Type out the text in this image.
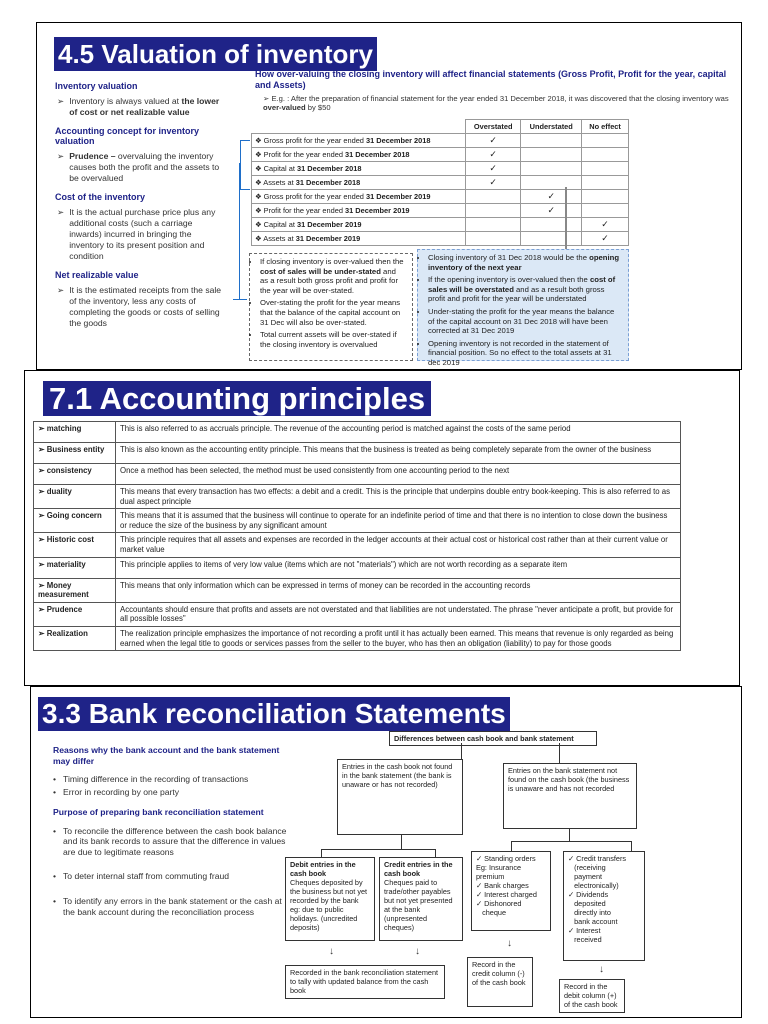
4.5 Valuation of inventory
Inventory valuation
➢ Inventory is always valued at the lower of cost or net realizable value
Accounting concept for inventory valuation
➢ Prudence – overvaluing the inventory causes both the profit and the assets to be overvalued
Cost of the inventory
➢ It is the actual purchase price plus any additional costs (such a carriage inwards) incurred in bringing the inventory to its present position and condition
Net realizable value
➢ It is the estimated receipts from the sale of the inventory, less any costs of completing the goods or costs of selling the goods
How over-valuing the closing inventory will affect financial statements (Gross Profit, Profit for the year, capital and Assets)
➢ E.g. : After the preparation of financial statement for the year ended 31 December 2018, it was discovered that the closing inventory was over-valued by $50
	Overstated	Understated	No effect
❖ Gross profit for the year ended 31 December 2018	✓		
❖ Profit for the year ended 31 December 2018	✓		
❖ Capital at 31 December 2018	✓		
❖ Assets at 31 December 2018	✓		
❖ Gross profit for the year ended 31 December 2019		✓	
❖ Profit for the year ended 31 December 2019		✓	
❖ Capital at 31 December 2019			✓
❖ Assets at 31 December 2019			✓
• If closing inventory is over-valued then the cost of sales will be under-stated and as a result both gross profit and profit for the year will be over-stated.
• Over-stating the profit for the year means that the balance of the capital account on 31 Dec will also be over-stated.
• Total current assets will be over-stated if the closing inventory is overvalued
• Closing inventory of 31 Dec 2018 would be the opening inventory of the next year
• If the opening inventory is over-valued then the cost of sales will be overstated and as a result both gross profit and profit for the year will be understated
• Under-stating the profit for the year means the balance of the capital account on 31 Dec 2018 will have been corrected at 31 Dec 2019
• Opening inventory is not recorded in the statement of financial position. So no effect to the total assets at 31 dec 2019
7.1 Accounting principles
➢ matching	This is also referred to as accruals principle. The revenue of the accounting period is matched against the costs of the same period
➢ Business entity	This is also known as the accounting entity principle. This means that the business is treated as being completely separate from the owner of the business
➢ consistency	Once a method has been selected, the method must be used consistently from one accounting period to the next
➢ duality	This means that every transaction has two effects: a debit and a credit. This is the principle that underpins double entry book-keeping. This is also referred to as dual aspect principle
➢ Going concern	This means that it is assumed that the business will continue to operate for an indefinite period of time and that there is no intention to close down the business or reduce the size of the business by any significant amount
➢ Historic cost	This principle requires that all assets and expenses are recorded in the ledger accounts at their actual cost or historical cost rather than at their current value or market value
➢ materiality	This principle applies to items of very low value (items which are not "materials") which are not worth recording as a separate item
➢ Money measurement	This means that only information which can be expressed in terms of money can be recorded in the accounting records
➢ Prudence	Accountants should ensure that profits and assets are not overstated and that liabilities are not understated. The phrase "never anticipate a profit, but provide for all possible losses"
➢ Realization	The realization principle emphasizes the importance of not recording a profit until it has actually been earned. This means that revenue is only regarded as being earned when the legal title to goods or services passes from the seller to the buyer, who has then an obligation (liability) to pay for those goods
3.3 Bank reconciliation Statements
Reasons why the bank account and the bank statement may differ
• Timing difference in the recording of transactions
• Error in recording by one party
Purpose of preparing bank reconciliation statement
• To reconcile the difference between the cash book balance and its bank records to assure that the difference in values are due to legitimate reasons
• To deter internal staff from commuting fraud
• To identify any errors in the bank statement or the cash at the bank account during the reconciliation process
Differences between cash book and bank statement
Entries in the cash book not found in the bank statement (the bank is unaware or has not recorded)
Entries on the bank statement not found on the cash book (the business is unaware and has not recorded
Debit entries in the cash book
Cheques deposited by the business but not yet recorded by the bank eg: due to public holidays. (uncredited deposits)
Credit entries in the cash book
Cheques paid to trade/other payables but not yet presented at the bank (unpresented cheques)
✓ Standing orders
Eg: Insurance
premium
✓ Bank charges
✓ Interest charged
✓ Dishonored
cheque
✓ Credit transfers
(receiving
payment
electronically)
✓ Dividends
deposited
directly into
bank account
✓ Interest
received
↓	↓
↓
↓
Recorded in the bank reconciliation statement to tally with updated balance from the cash book
Record in the credit column (-) of the cash book	Record in the debit column (+) of the cash book
